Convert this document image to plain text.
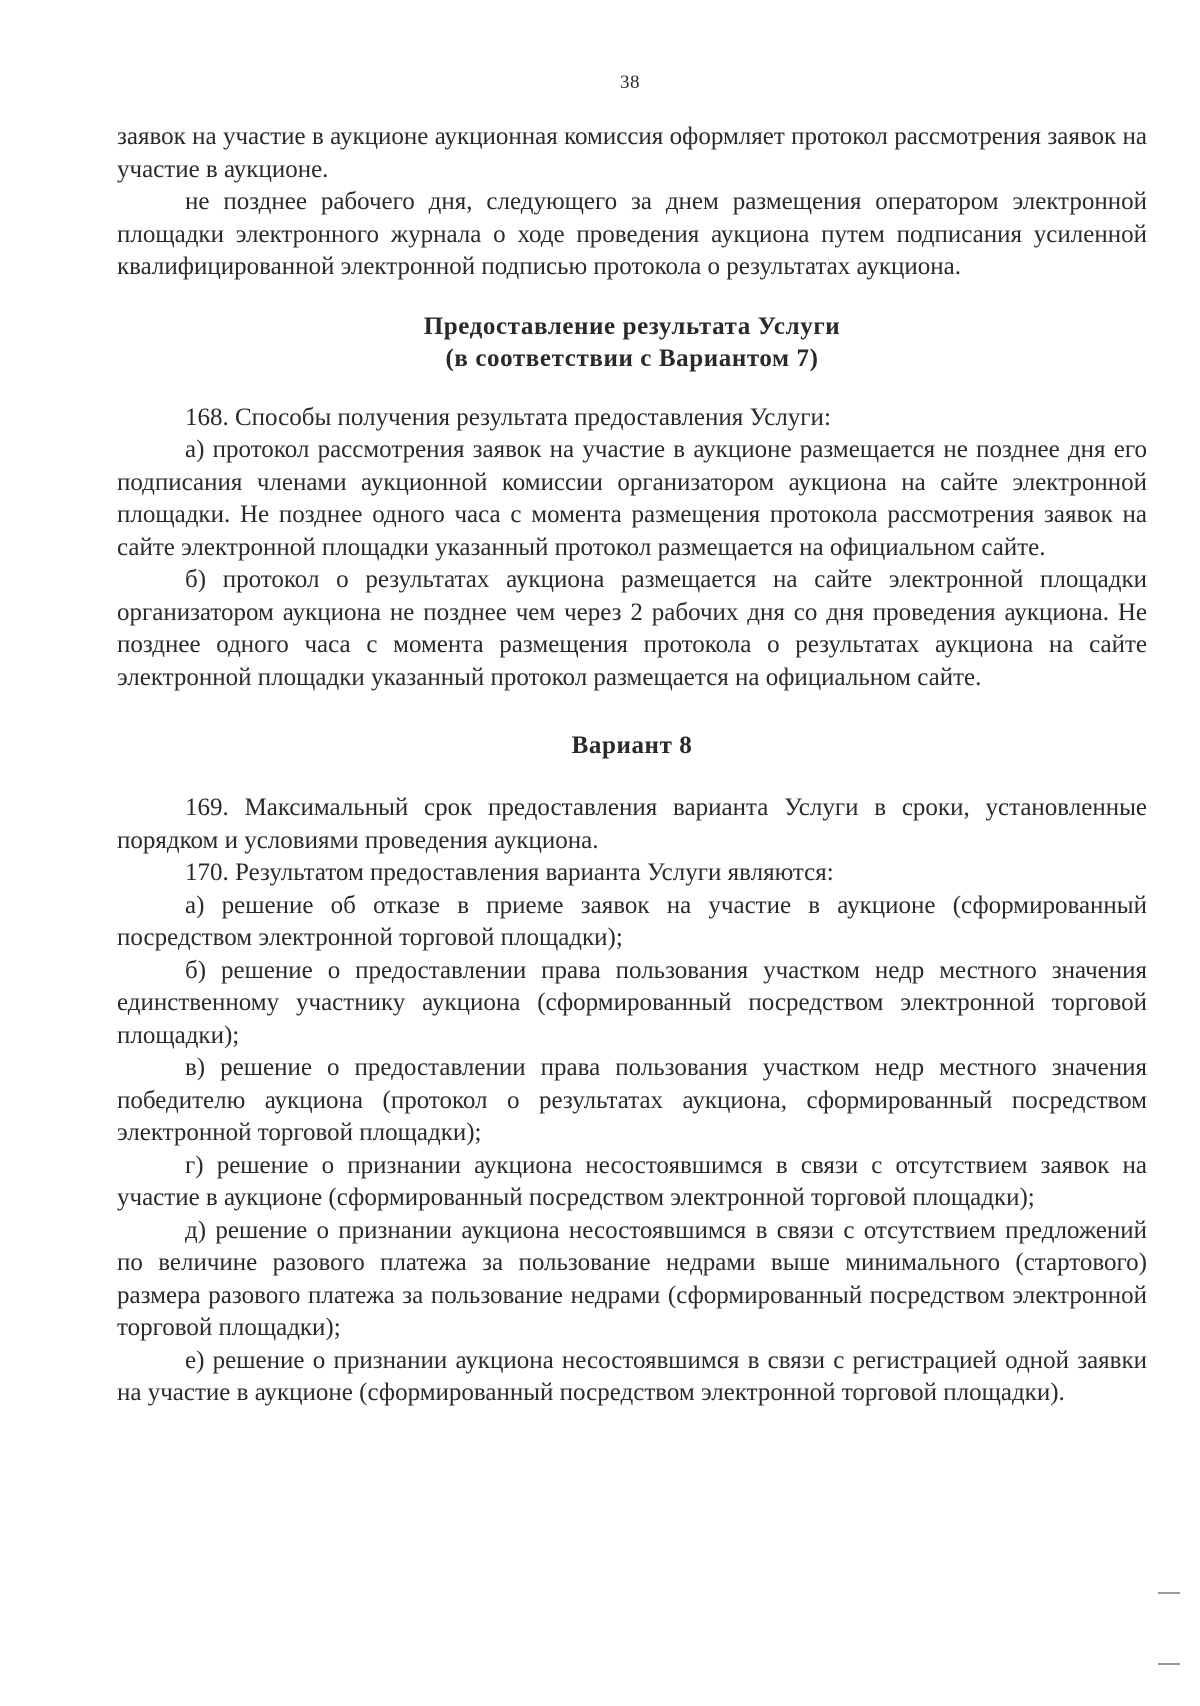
38

заявок на участие в аукционе аукционная комиссия оформляет протокол рассмотрения заявок на участие в аукционе.

не позднее рабочего дня, следующего за днем размещения оператором электронной площадки электронного журнала о ходе проведения аукциона путем подписания усиленной квалифицированной электронной подписью протокола о результатах аукциона.

Предоставление результата Услуги

(в соответствии с Вариантом 7)

168. Способы получения результата предоставления Услуги:

а) протокол рассмотрения заявок на участие в аукционе размещается не позднее дня его подписания членами аукционной комиссии организатором аукциона на сайте электронной площадки. Не позднее одного часа с момента размещения протокола рассмотрения заявок на сайте электронной площадки указанный протокол размещается на официальном сайте.

б) протокол о результатах аукциона размещается на сайте электронной площадки организатором аукциона не позднее чем через 2 рабочих дня со дня проведения аукциона. Не позднее одного часа с момента размещения протокола о результатах аукциона на сайте электронной площадки указанный протокол размещается на официальном сайте.

Вариант 8

169. Максимальный срок предоставления варианта Услуги в сроки, установленные порядком и условиями проведения аукциона.

170. Результатом предоставления варианта Услуги являются:

а) решение об отказе в приеме заявок на участие в аукционе (сформированный посредством электронной торговой площадки);

б) решение о предоставлении права пользования участком недр местного значения единственному участнику аукциона (сформированный посредством электронной торговой площадки);

в) решение о предоставлении права пользования участком недр местного значения победителю аукциона (протокол о результатах аукциона, сформированный посредством электронной торговой площадки);

г) решение о признании аукциона несостоявшимся в связи с отсутствием заявок на участие в аукционе (сформированный посредством электронной торговой площадки);

д) решение о признании аукциона несостоявшимся в связи с отсутствием предложений по величине разового платежа за пользование недрами выше минимального (стартового) размера разового платежа за пользование недрами (сформированный посредством электронной торговой площадки);

е) решение о признании аукциона несостоявшимся в связи с регистрацией одной заявки на участие в аукционе (сформированный посредством электронной торговой площадки).
